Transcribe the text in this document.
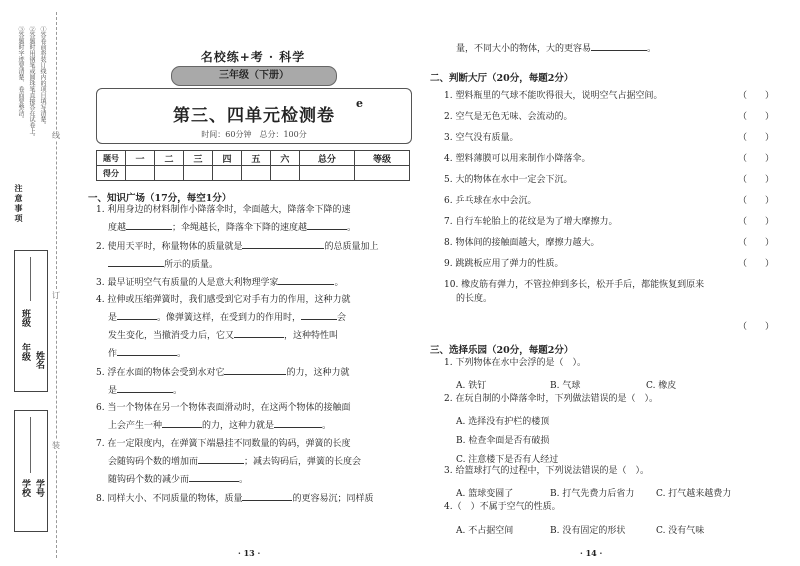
①答卷前将装订线内的项目填写清楚。
②答题时用钢笔或圆珠笔直接答在试卷上。
③答题时字迹要清楚、卷面要整洁。
注意事项
年级
班级
姓名
学校 学号
线
订
装
名校练+考 · 科学
三年级（下册）
第三、四单元检测卷
时间：60分钟　总分：100分
e
题号	一	二	三	四	五	六	总分	等级
得分								
一、知识广场（17分，每空1分）
1. 利用身边的材料制作小降落伞时，伞面越大，降落伞下降的速
度越	；伞绳越长，降落伞下降的速度越	。
2. 使用天平时，称量物体的质量就是	的总质量加上
所示的质量。
3. 最早证明空气有质量的人是意大利物理学家	。
4. 拉伸或压缩弹簧时，我们感受到它对手有力的作用，这种力就
是	。像弹簧这样，在受到力的作用时，	会
发生变化，当撤消受力后，它又	，这种特性叫
作	。
5. 浮在水面的物体会受到水对它	的力，这种力就
是	。
6. 当一个物体在另一个物体表面滑动时，在这两个物体的接触面
上会产生一种	的力，这种力就是	。
7. 在一定限度内，在弹簧下端悬挂不同数量的钩码，弹簧的长度
会随钩码个数的增加而	；减去钩码后，弹簧的长度会
随钩码个数的减少而	。
8. 同样大小、不同质量的物体，质量	的更容易沉；同样质
· 13 ·
量，不同大小的物体，大的更容易	。
二、判断大厅（20分，每题2分）
1. 塑料瓶里的气球不能吹得很大，说明空气占据空间。	（　　）
2. 空气是无色无味、会流动的。	（　　）
3. 空气没有质量。	（　　）
4. 塑料薄膜可以用来制作小降落伞。	（　　）
5. 大的物体在水中一定会下沉。	（　　）
6. 乒乓球在水中会沉。	（　　）
7. 自行车轮胎上的花纹是为了增大摩擦力。	（　　）
8. 物体间的接触面越大，摩擦力越大。	（　　）
9. 跳跳板应用了弹力的性质。	（　　）
10. 橡皮筋有弹力，不管拉伸到多长，松开手后，都能恢复到原来
的长度。
（　　）
三、选择乐园（20分，每题2分）
1. 下列物体在水中会浮的是（　）。
A. 铁钉	B. 气球	C. 橡皮
2. 在玩自制的小降落伞时，下列做法错误的是（　）。
A. 选择没有护栏的楼顶
B. 检查伞面是否有破损
C. 注意楼下是否有人经过
3. 给篮球打气的过程中，下列说法错误的是（　）。
A. 篮球变圆了	B. 打气先费力后省力 C. 打气越来越费力
4.（　）不属于空气的性质。
A. 不占据空间	B. 没有固定的形状	C. 没有气味
· 14 ·
